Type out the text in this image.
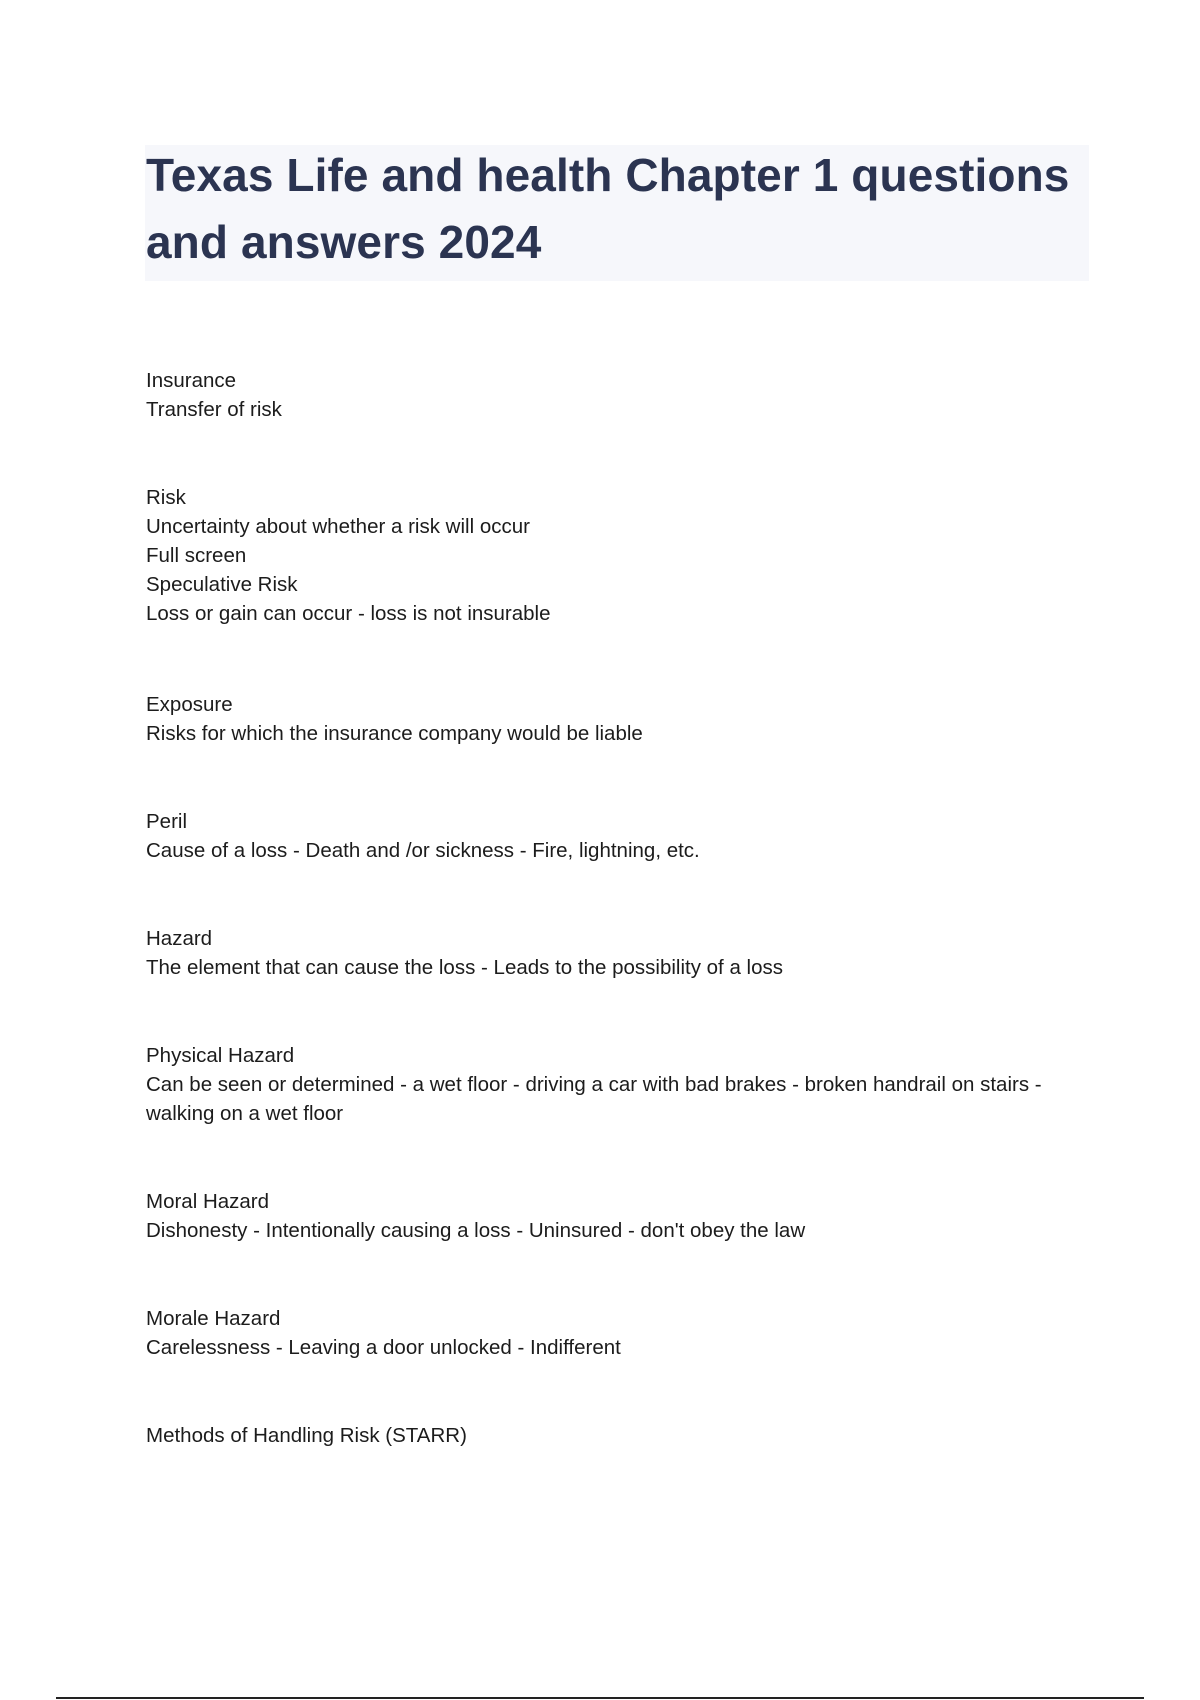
Texas Life and health Chapter 1 questions and answers 2024
Insurance
Transfer of risk
Risk
Uncertainty about whether a risk will occur
Full screen
Speculative Risk
Loss or gain can occur - loss is not insurable
Exposure
Risks for which the insurance company would be liable
Peril
Cause of a loss - Death and /or sickness - Fire, lightning, etc.
Hazard
The element that can cause the loss - Leads to the possibility of a loss
Physical Hazard
Can be seen or determined - a wet floor - driving a car with bad brakes - broken handrail on stairs - walking on a wet floor
Moral Hazard
Dishonesty - Intentionally causing a loss - Uninsured - don't obey the law
Morale Hazard
Carelessness - Leaving a door unlocked - Indifferent
Methods of Handling Risk (STARR)
